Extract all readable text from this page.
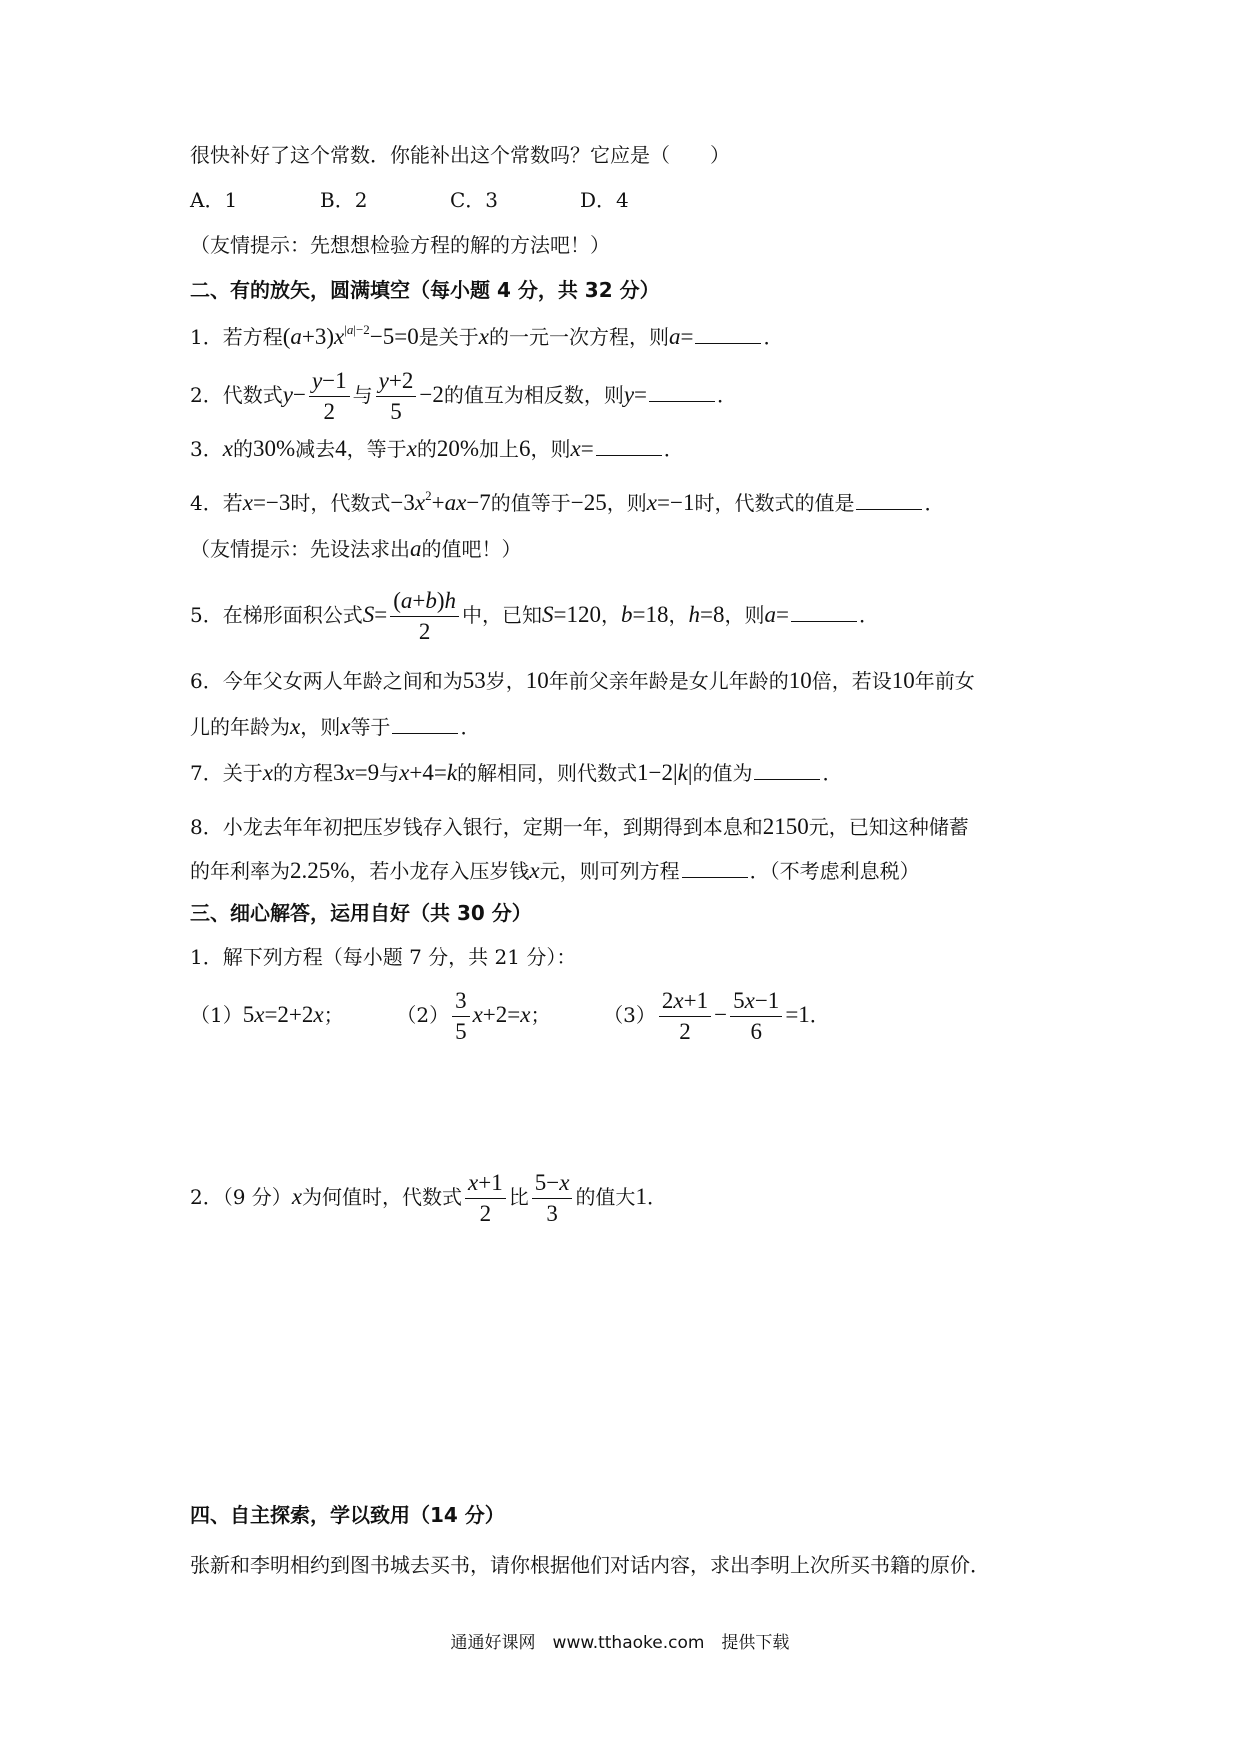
很快补好了这个常数．你能补出这个常数吗？它应是（　　）
A．1	B．2	C．3	D．4
（友情提示：先想想检验方程的解的方法吧！）
二、有的放矢，圆满填空（每小题 4 分，共 32 分）
1．若方程$(a+3)x^{|a|-2}-5=0$是关于x的一元一次方程，则a=	．
2．代数式$y- \frac{y-1}{2}$ 与 $\frac{y+2}{5} -2$的值互为相反数，则y=	．
3．x的30%减去4，等于x的20%加上6，则x=	．
4．若x=−3时，代数式$-3x^2+ax-7$的值等于−25，则x=−1时，代数式的值是	．
（友情提示：先设法求出a的值吧！）
5．在梯形面积公式$S= \frac{(a+b)h}{2}$ 中，已知S=120，b=18，h=8，则a=	．
6．今年父女两人年龄之间和为53岁，10年前父亲年龄是女儿年龄的10倍，若设10年前女
儿的年龄为x，则x等于	．
7．关于x的方程3x=9与x+4=k的解相同，则代数式1−2|k|的值为	．
8．小龙去年年初把压岁钱存入银行，定期一年，到期得到本息和2150元，已知这种储蓄
的年利率为2.25%，若小龙存入压岁钱x元，则可列方程	．（不考虑利息税）
三、细心解答，运用自好（共 30 分）
1．解下列方程（每小题 7 分，共 21 分）：
（1）5x=2+2x；	$(2) \frac{3}{5} x+2=x$；	$(3) \frac{2x+1}{2} - \frac{5x-1}{6} =1$．
2．（9 分）x为何值时，代数式 $\frac{x+1}{2}$ 比 $\frac{5-x}{3}$ 的值大1．
四、自主探索，学以致用（14 分）
张新和李明相约到图书城去买书，请你根据他们对话内容，求出李明上次所买书籍的原价．
通通好课网　www.tthaoke.com　提供下载
